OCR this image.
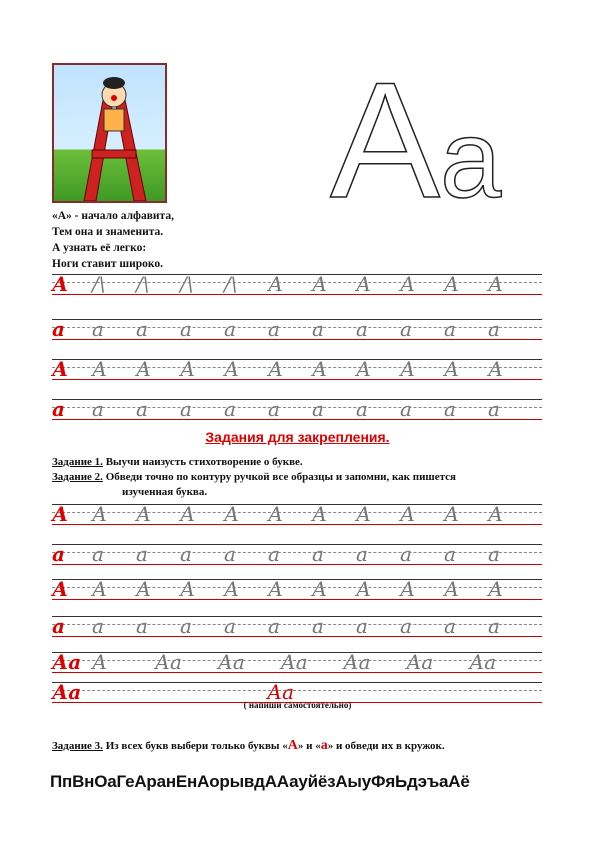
«А» - начало алфавита,
Тем она и знаменита.
А узнать её легко:
Ноги ставит широко.
Аа
А /\ /\ /\ /\ А А А А А А
а а а а а а а а а а а
А А А А А А А А А А А
а а а а а а а а а а а
Задания для закрепления.
Задание 1. Выучи наизусть стихотворение о букве.
Задание 2. Обведи точно по контуру ручкой все образцы и запомни, как пишется
изученная буква.
А А А А А А А А А А А
а а а а а а а а а а а
А А А А А А А А А А А
а а а а а а а а а а а
Аа А Аа Аа Аа Аа Аа Аа
Аа	Аа
( напиши самостоятельно)
Задание 3. Из всех букв выбери только буквы «А» и «а» и обведи их в кружок.
ПпВнОаГеАранЕнАорывдААауйёзАыуФяЬдэъаАё
